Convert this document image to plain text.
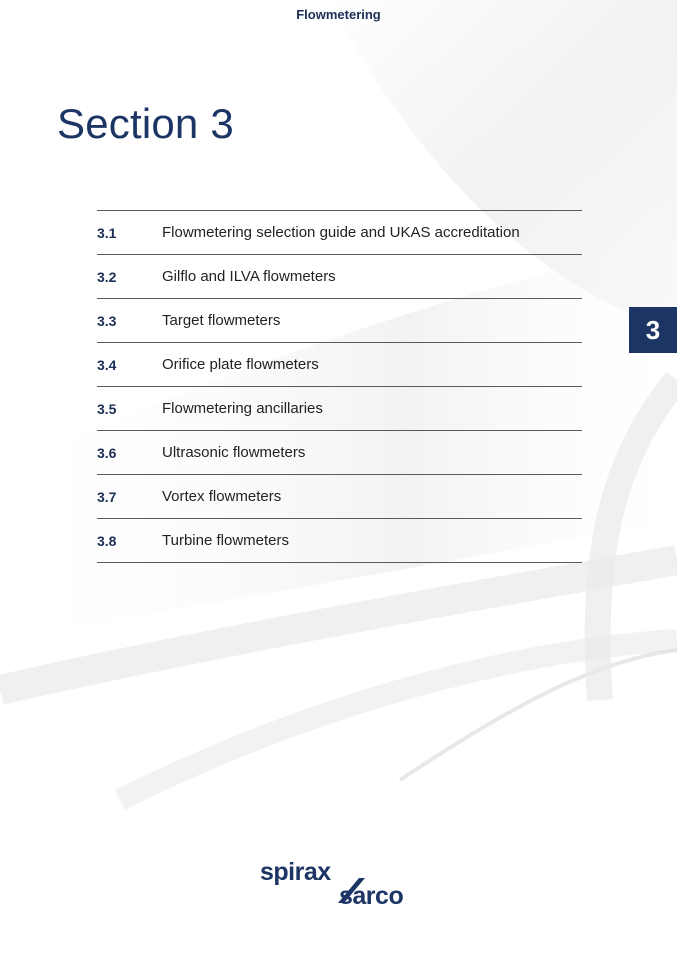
Flowmetering
Section 3
3.1	Flowmetering selection guide and UKAS accreditation
3.2	Gilflo and ILVA flowmeters
3.3	Target flowmeters
3.4	Orifice plate flowmeters
3.5	Flowmetering ancillaries
3.6	Ultrasonic flowmeters
3.7	Vortex flowmeters
3.8	Turbine flowmeters
3
spirax
sarco
